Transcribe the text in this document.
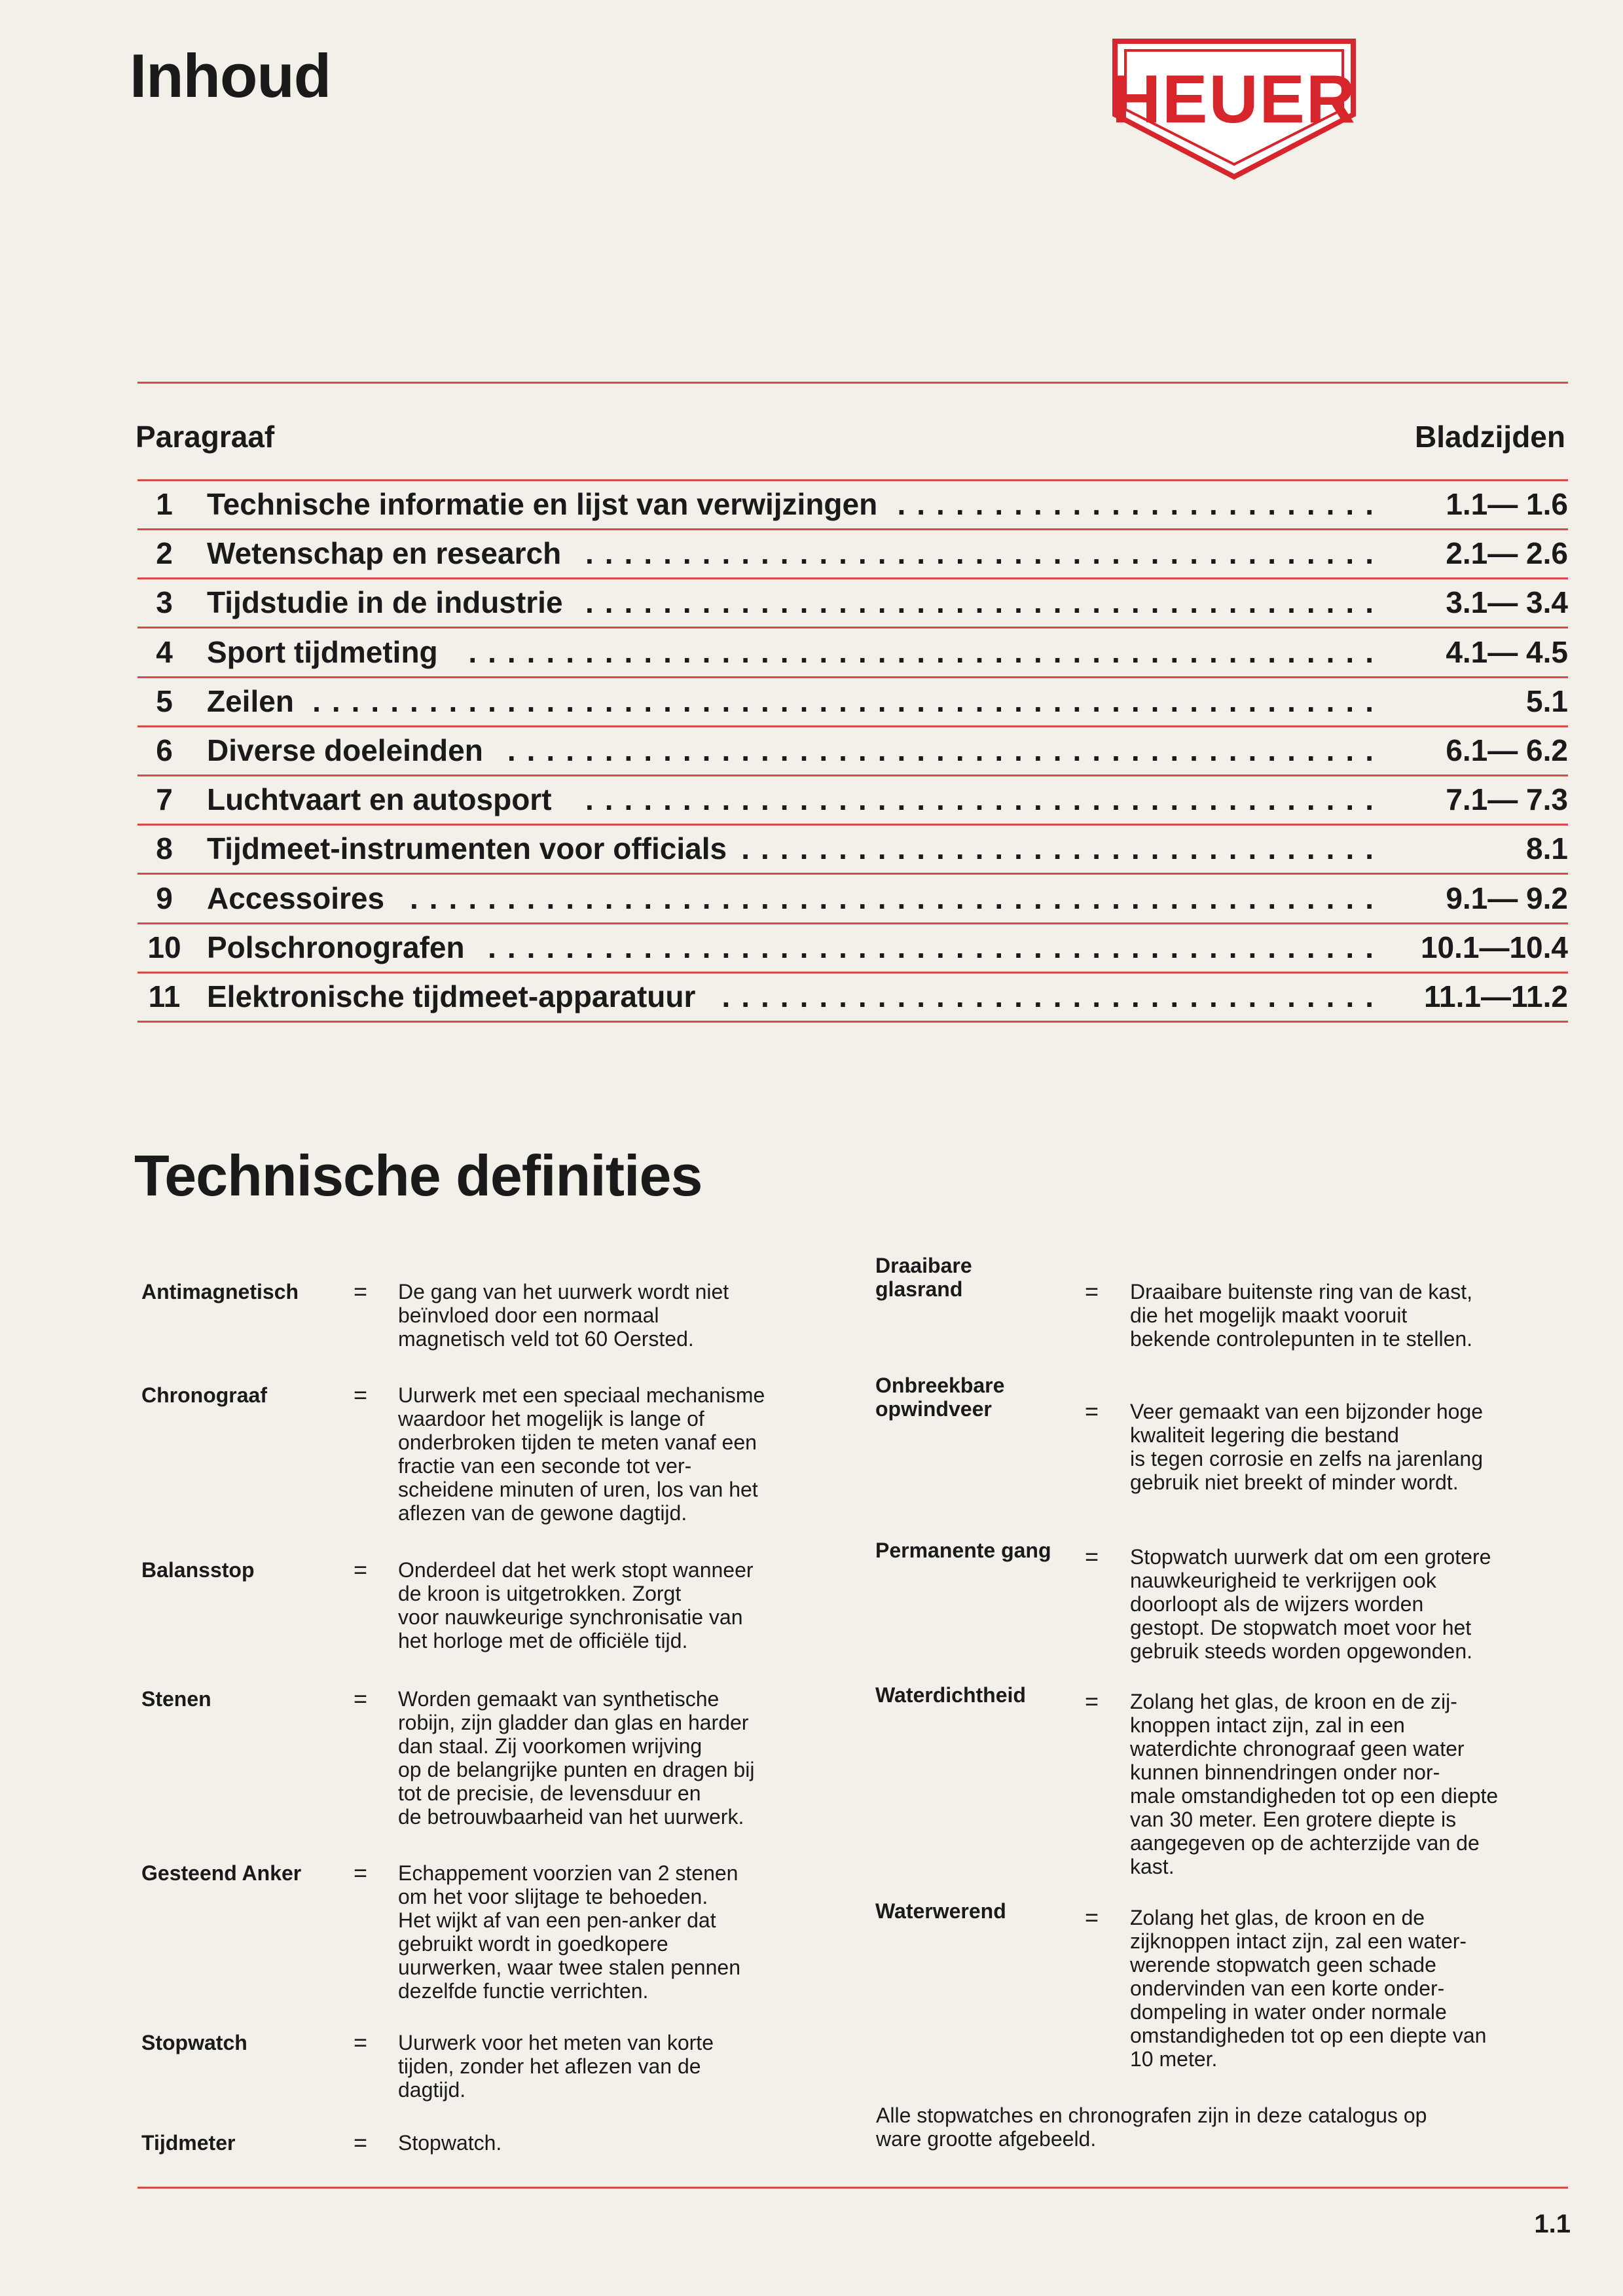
Inhoud	HEUER
Paragraaf	Bladzijden
1	Technische informatie en lijst van verwijzingen	1.1— 1.6
.........................
2	Wetenschap en research	2.1— 2.6
.........................................
3	Tijdstudie in de industrie	3.1— 3.4
.........................................
4	Sport tijdmeting	4.1— 4.5
...............................................
5	Zeilen	5.1
.......................................................
6	Diverse doeleinden	6.1— 6.2
.............................................
7	Luchtvaart en autosport	7.1— 7.3
.........................................
8	Tijdmeet-instrumenten voor officials	8.1
.................................
9	Accessoires	9.1— 9.2
..................................................
10 Polschronografen	10.1—10.4
..............................................
11 Elektronische tijdmeet-apparatuur	11.1—11.2
..................................
Technische definities
Antimagnetisch = De gang van het uurwerk wordt niet
beïnvloed door een normaal
magnetisch veld tot 60 Oersted.
Chronograaf	= Uurwerk met een speciaal mechanisme
waardoor het mogelijk is lange of
onderbroken tijden te meten vanaf een
fractie van een seconde tot ver-
scheidene minuten of uren, los van het
aflezen van de gewone dagtijd.
Balansstop	= Onderdeel dat het werk stopt wanneer
de kroon is uitgetrokken. Zorgt
voor nauwkeurige synchronisatie van
het horloge met de officiële tijd.
Stenen	= Worden gemaakt van synthetische
robijn, zijn gladder dan glas en harder
dan staal. Zij voorkomen wrijving
op de belangrijke punten en dragen bij
tot de precisie, de levensduur en
de betrouwbaarheid van het uurwerk.
Gesteend Anker = Echappement voorzien van 2 stenen
om het voor slijtage te behoeden.
Het wijkt af van een pen-anker dat
gebruikt wordt in goedkopere
uurwerken, waar twee stalen pennen
dezelfde functie verrichten.
Stopwatch	= Uurwerk voor het meten van korte
tijden, zonder het aflezen van de
dagtijd.
Tijdmeter	= Stopwatch.
Draaibare
glasrand	= Draaibare buitenste ring van de kast,
die het mogelijk maakt vooruit
bekende controlepunten in te stellen.
Onbreekbare
opwindveer	= Veer gemaakt van een bijzonder hoge
kwaliteit legering die bestand
is tegen corrosie en zelfs na jarenlang
gebruik niet breekt of minder wordt.
Permanente gang = Stopwatch uurwerk dat om een grotere
nauwkeurigheid te verkrijgen ook
doorloopt als de wijzers worden
gestopt. De stopwatch moet voor het
gebruik steeds worden opgewonden.
Waterdichtheid	= Zolang het glas, de kroon en de zij-
knoppen intact zijn, zal in een
waterdichte chronograaf geen water
kunnen binnendringen onder nor-
male omstandigheden tot op een diepte
van 30 meter. Een grotere diepte is
aangegeven op de achterzijde van de
kast.
Waterwerend	= Zolang het glas, de kroon en de
zijknoppen intact zijn, zal een water-
werende stopwatch geen schade
ondervinden van een korte onder-
dompeling in water onder normale
omstandigheden tot op een diepte van
10 meter.
Alle stopwatches en chronografen zijn in deze catalogus op
ware grootte afgebeeld.
1.1
